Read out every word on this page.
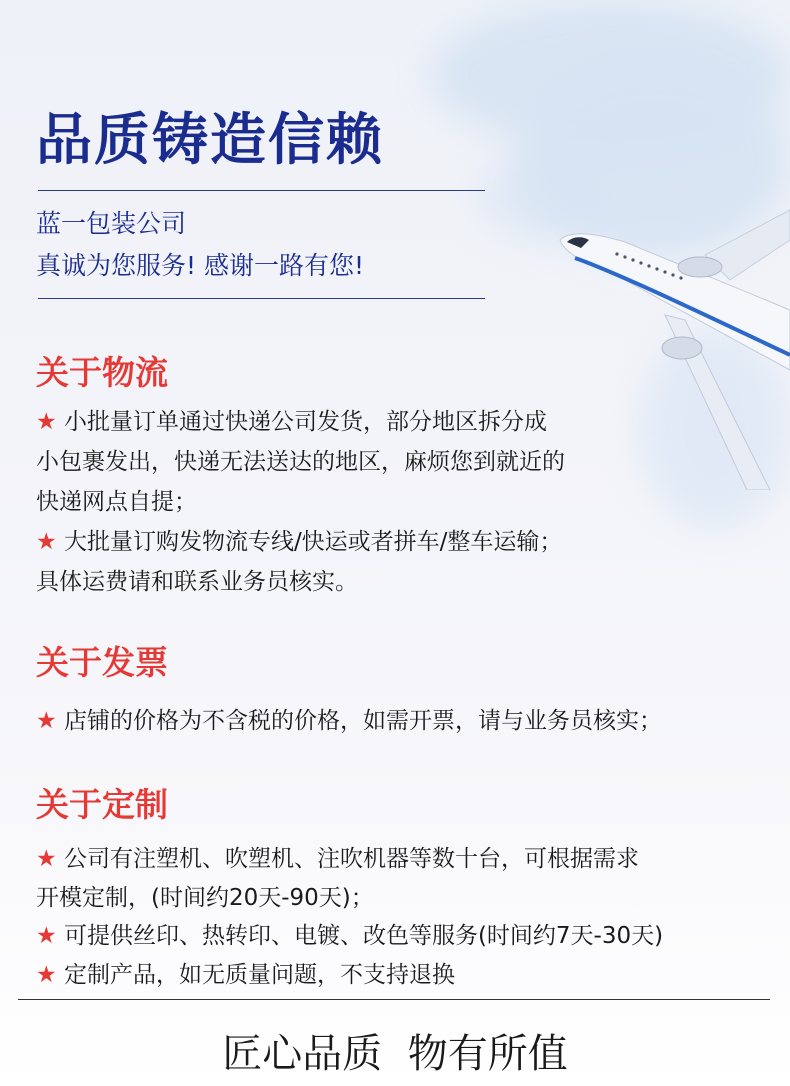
品质铸造信赖
蓝一包装公司
真诚为您服务! 感谢一路有您!
关于物流
★ 小批量订单通过快递公司发货，部分地区拆分成
小包裹发出，快递无法送达的地区，麻烦您到就近的
快递网点自提；
★ 大批量订购发物流专线/快运或者拼车/整车运输；
具体运费请和联系业务员核实。
关于发票
★ 店铺的价格为不含税的价格，如需开票，请与业务员核实；
关于定制
★ 公司有注塑机、吹塑机、注吹机器等数十台，可根据需求
开模定制，(时间约20天-90天)；
★ 可提供丝印、热转印、电镀、改色等服务(时间约7天-30天)
★ 定制产品，如无质量问题，不支持退换
匠心品质  物有所值
